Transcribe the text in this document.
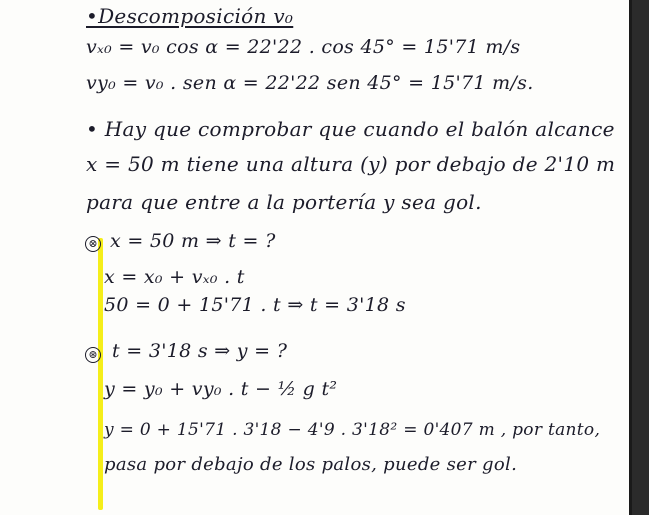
•Descomposición v₀
vₓ₀ = v₀ cos α = 22'22 . cos 45° = 15'71 m/s
vy₀ = v₀ . sen α = 22'22 sen 45° = 15'71 m/s.
• Hay que comprobar que cuando el balón alcance
x = 50 m tiene una altura (y) por debajo de 2'10 m
para que entre a la portería y sea gol.
⊗ x = 50 m ⇒ t = ?
x = x₀ + vₓ₀ . t
50 = 0 + 15'71 . t ⇒ t = 3'18 s
⊛ t = 3'18 s ⇒ y = ?
y = y₀ + vy₀ . t − ½ g t²
y = 0 + 15'71 . 3'18 − 4'9 . 3'18² = 0'407 m , por tanto,
pasa por debajo de los palos, puede ser gol.
